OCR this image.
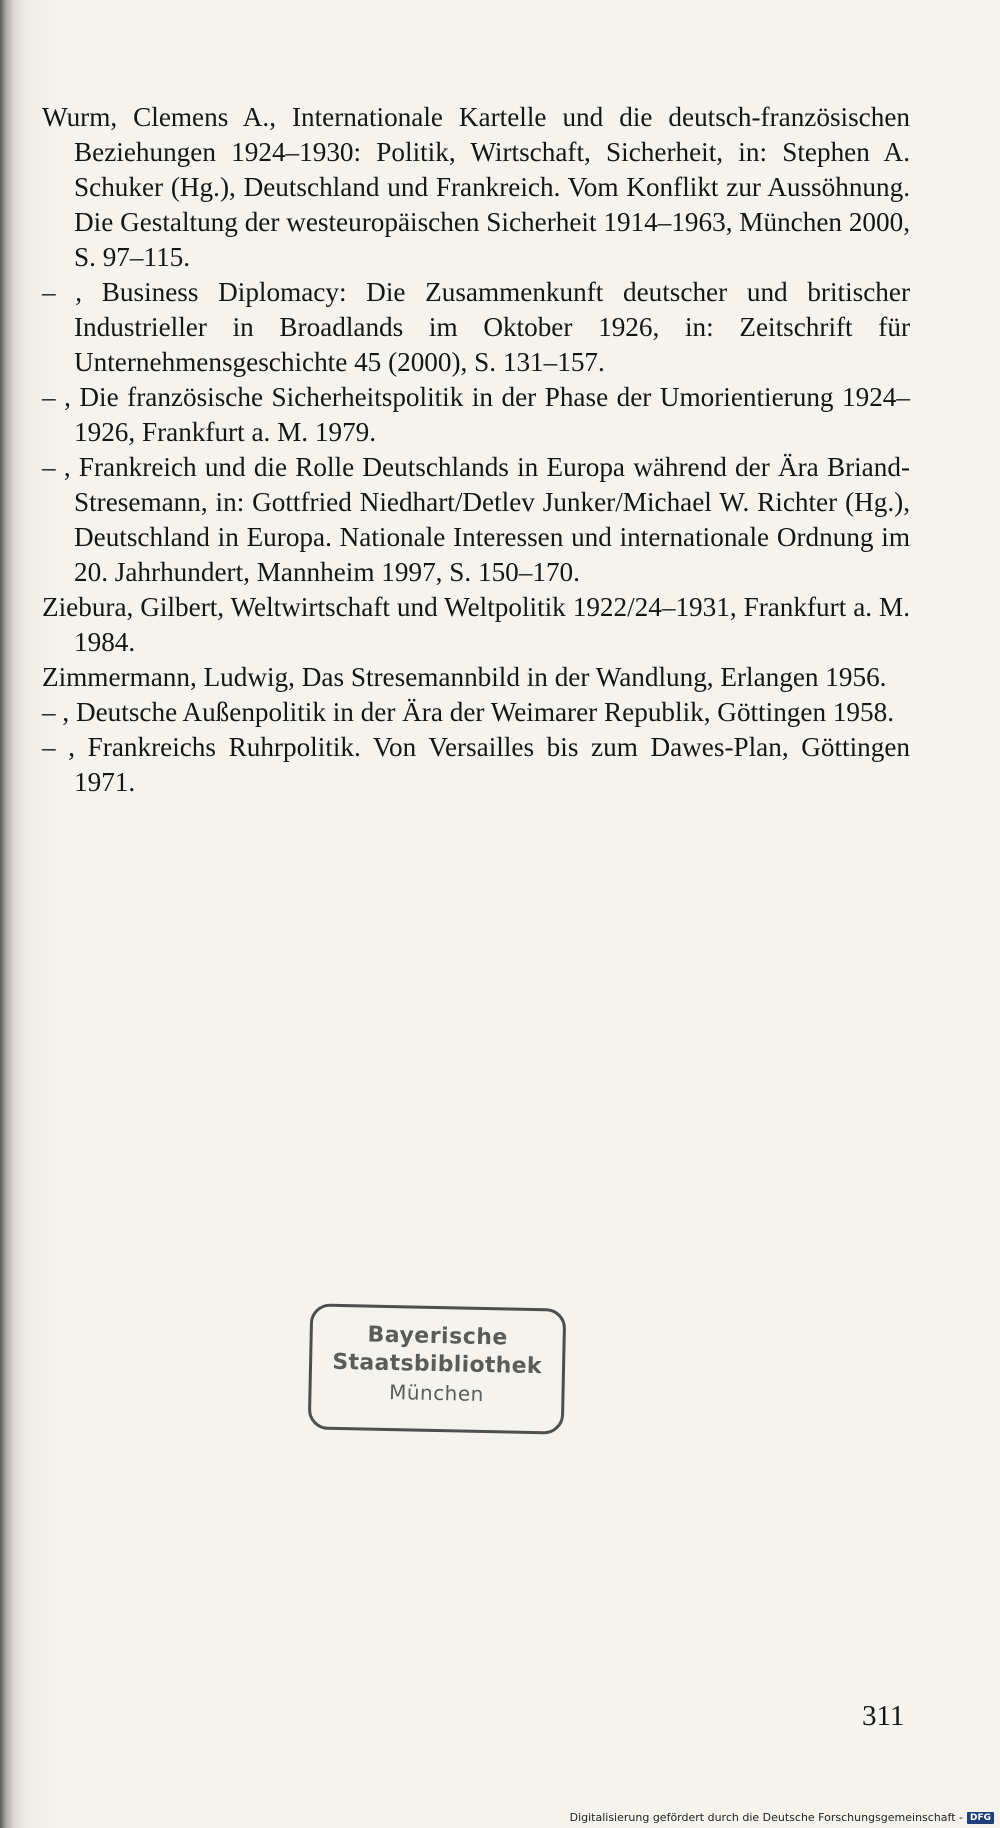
Wurm, Clemens A., Internationale Kartelle und die deutsch-französischen Beziehungen 1924–1930: Politik, Wirtschaft, Sicherheit, in: Stephen A. Schuker (Hg.), Deutschland und Frankreich. Vom Konflikt zur Aussöhnung. Die Gestaltung der westeuropäischen Sicherheit 1914–1963, München 2000, S. 97–115.
– , Business Diplomacy: Die Zusammenkunft deutscher und britischer Industrieller in Broadlands im Oktober 1926, in: Zeitschrift für Unternehmensgeschichte 45 (2000), S. 131–157.
– , Die französische Sicherheitspolitik in der Phase der Umorientierung 1924–1926, Frankfurt a. M. 1979.
– , Frankreich und die Rolle Deutschlands in Europa während der Ära Briand-Stresemann, in: Gottfried Niedhart/Detlev Junker/Michael W. Richter (Hg.), Deutschland in Europa. Nationale Interessen und internationale Ordnung im 20. Jahrhundert, Mannheim 1997, S. 150–170.
Ziebura, Gilbert, Weltwirtschaft und Weltpolitik 1922/24–1931, Frankfurt a. M. 1984.
Zimmermann, Ludwig, Das Stresemannbild in der Wandlung, Erlangen 1956.
– , Deutsche Außenpolitik in der Ära der Weimarer Republik, Göttingen 1958.
– , Frankreichs Ruhrpolitik. Von Versailles bis zum Dawes-Plan, Göttingen 1971.
Bayerische
Staatsbibliothek
München
311
Digitalisierung gefördert durch die Deutsche Forschungsgemeinschaft - DFG
